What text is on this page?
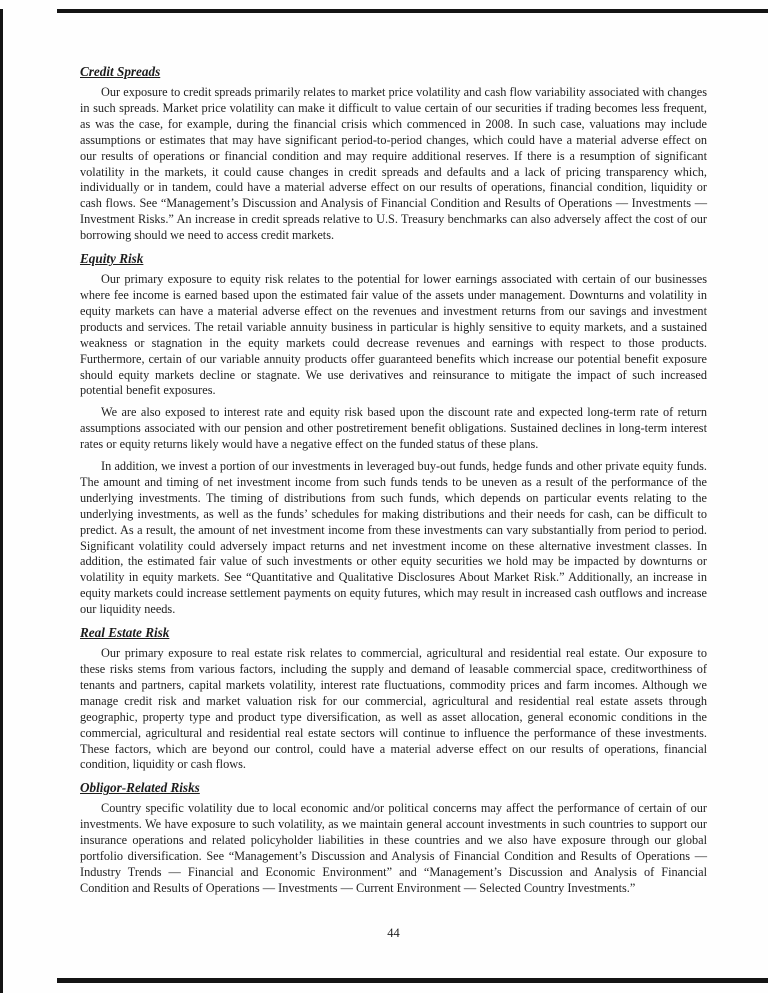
Credit Spreads

Our exposure to credit spreads primarily relates to market price volatility and cash flow variability associated with changes in such spreads. Market price volatility can make it difficult to value certain of our securities if trading becomes less frequent, as was the case, for example, during the financial crisis which commenced in 2008. In such case, valuations may include assumptions or estimates that may have significant period-to-period changes, which could have a material adverse effect on our results of operations or financial condition and may require additional reserves. If there is a resumption of significant volatility in the markets, it could cause changes in credit spreads and defaults and a lack of pricing transparency which, individually or in tandem, could have a material adverse effect on our results of operations, financial condition, liquidity or cash flows. See “Management’s Discussion and Analysis of Financial Condition and Results of Operations — Investments — Investment Risks.” An increase in credit spreads relative to U.S. Treasury benchmarks can also adversely affect the cost of our borrowing should we need to access credit markets.

Equity Risk

Our primary exposure to equity risk relates to the potential for lower earnings associated with certain of our businesses where fee income is earned based upon the estimated fair value of the assets under management. Downturns and volatility in equity markets can have a material adverse effect on the revenues and investment returns from our savings and investment products and services. The retail variable annuity business in particular is highly sensitive to equity markets, and a sustained weakness or stagnation in the equity markets could decrease revenues and earnings with respect to those products. Furthermore, certain of our variable annuity products offer guaranteed benefits which increase our potential benefit exposure should equity markets decline or stagnate. We use derivatives and reinsurance to mitigate the impact of such increased potential benefit exposures.

We are also exposed to interest rate and equity risk based upon the discount rate and expected long-term rate of return assumptions associated with our pension and other postretirement benefit obligations. Sustained declines in long-term interest rates or equity returns likely would have a negative effect on the funded status of these plans.

In addition, we invest a portion of our investments in leveraged buy-out funds, hedge funds and other private equity funds. The amount and timing of net investment income from such funds tends to be uneven as a result of the performance of the underlying investments. The timing of distributions from such funds, which depends on particular events relating to the underlying investments, as well as the funds’ schedules for making distributions and their needs for cash, can be difficult to predict. As a result, the amount of net investment income from these investments can vary substantially from period to period. Significant volatility could adversely impact returns and net investment income on these alternative investment classes. In addition, the estimated fair value of such investments or other equity securities we hold may be impacted by downturns or volatility in equity markets. See “Quantitative and Qualitative Disclosures About Market Risk.” Additionally, an increase in equity markets could increase settlement payments on equity futures, which may result in increased cash outflows and increase our liquidity needs.

Real Estate Risk

Our primary exposure to real estate risk relates to commercial, agricultural and residential real estate. Our exposure to these risks stems from various factors, including the supply and demand of leasable commercial space, creditworthiness of tenants and partners, capital markets volatility, interest rate fluctuations, commodity prices and farm incomes. Although we manage credit risk and market valuation risk for our commercial, agricultural and residential real estate assets through geographic, property type and product type diversification, as well as asset allocation, general economic conditions in the commercial, agricultural and residential real estate sectors will continue to influence the performance of these investments. These factors, which are beyond our control, could have a material adverse effect on our results of operations, financial condition, liquidity or cash flows.

Obligor-Related Risks

Country specific volatility due to local economic and/or political concerns may affect the performance of certain of our investments. We have exposure to such volatility, as we maintain general account investments in such countries to support our insurance operations and related policyholder liabilities in these countries and we also have exposure through our global portfolio diversification. See “Management’s Discussion and Analysis of Financial Condition and Results of Operations — Industry Trends — Financial and Economic Environment” and “Management’s Discussion and Analysis of Financial Condition and Results of Operations — Investments — Current Environment — Selected Country Investments.”

44
